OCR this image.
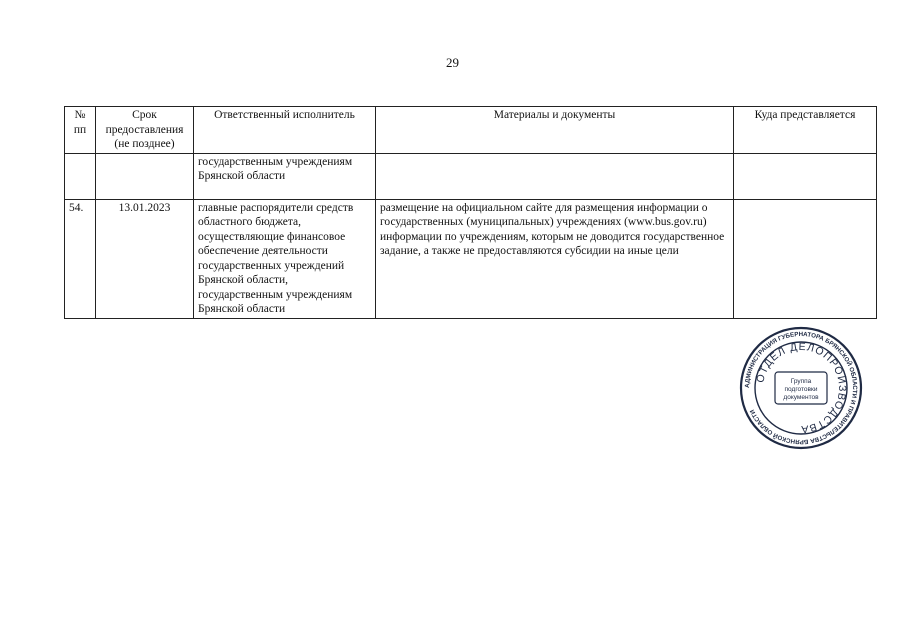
29
№ пп	Срок предоставления (не позднее)	Ответственный исполнитель	Материалы и документы	Куда представляется
		государственным учреждениям Брянской области		
54.	13.01.2023	главные распорядители средств областного бюджета, осуществляющие финансовое обеспечение деятельности государственных учреждений Брянской области, государственным учреждениям Брянской области	размещение на официальном сайте для размещения информации о государственных (муниципальных) учреждениях (www.bus.gov.ru) информации по учреждениям, которым не доводится государственное задание, а также не предоставляются субсидии на иные цели	
АДМИНИСТРАЦИЯ ГУБЕРНАТОРА БРЯНСКОЙ ОБЛАСТИ И ПРАВИТЕЛЬСТВА БРЯНСКОЙ ОБЛАСТИ
ОТДЕЛ ДЕЛОПРОИЗВОДСТВА
Группа
подготовки
документов
